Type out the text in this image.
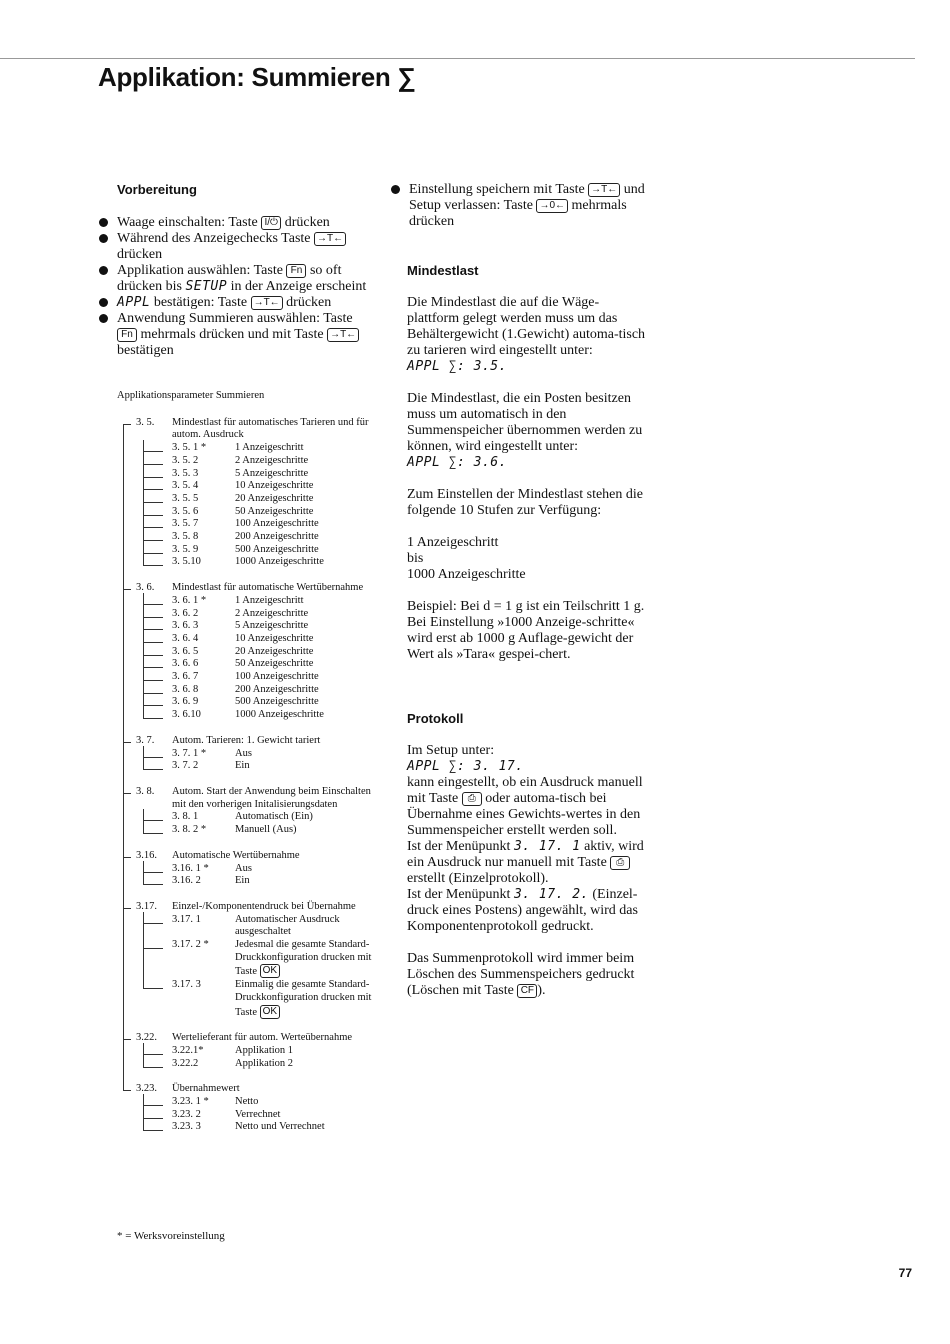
Applikation: Summieren ∑
Vorbereitung
Waage einschalten: Taste I/⏻ drücken
Während des Anzeigechecks Taste →T← drücken
Applikation auswählen: Taste Fn so oft drücken bis SETUP in der Anzeige erscheint
APPL bestätigen: Taste →T← drücken
Anwendung Summieren auswählen: Taste Fn mehrmals drücken und mit Taste →T← bestätigen
Applikationsparameter Summieren
3. 5. Mindestlast für automatisches Tarieren und für autom. Ausdruck
3. 5. 1 *	1 Anzeigeschritt
3. 5. 2	2 Anzeigeschritte
3. 5. 3	5 Anzeigeschritte
3. 5. 4	10 Anzeigeschritte
3. 5. 5	20 Anzeigeschritte
3. 5. 6	50 Anzeigeschritte
3. 5. 7	100 Anzeigeschritte
3. 5. 8	200 Anzeigeschritte
3. 5. 9	500 Anzeigeschritte
3. 5.10	1000 Anzeigeschritte
3. 6. Mindestlast für automatische Wertübernahme
3. 6. 1 *	1 Anzeigeschritt
3. 6. 2	2 Anzeigeschritte
3. 6. 3	5 Anzeigeschritte
3. 6. 4	10 Anzeigeschritte
3. 6. 5	20 Anzeigeschritte
3. 6. 6	50 Anzeigeschritte
3. 6. 7	100 Anzeigeschritte
3. 6. 8	200 Anzeigeschritte
3. 6. 9	500 Anzeigeschritte
3. 6.10	1000 Anzeigeschritte
3. 7. Autom. Tarieren: 1. Gewicht tariert
3. 7. 1 *	Aus
3. 7. 2	Ein
3. 8. Autom. Start der Anwendung beim Einschalten mit den vorherigen Initalisierungsdaten
3. 8. 1	Automatisch (Ein)
3. 8. 2 *	Manuell (Aus)
3.16. Automatische Wertübernahme
3.16. 1 *	Aus
3.16. 2	Ein
3.17. Einzel-/Komponentendruck bei Übernahme
3.17. 1	Automatischer Ausdruck ausgeschaltet
3.17. 2 *	Jedesmal die gesamte Standard-Druckkonfiguration drucken mit Taste OK
3.17. 3	Einmalig die gesamte Standard-Druckkonfiguration drucken mit Taste OK
3.22. Wertelieferant für autom. Werteübernahme
3.22.1*	Applikation 1
3.22.2	Applikation 2
3.23. Übernahmewert
3.23. 1 *	Netto
3.23. 2	Verrechnet
3.23. 3	Netto und Verrechnet
* = Werksvoreinstellung
Einstellung speichern mit Taste →T← und Setup verlassen: Taste →0← mehrmals drücken
Mindestlast
Die Mindestlast die auf die Wäge-plattform gelegt werden muss um das Behältergewicht (1.Gewicht) automa-tisch zu tarieren wird eingestellt unter:
APPL ∑: 3.5.
Die Mindestlast, die ein Posten besitzen muss um automatisch in den Summenspeicher übernommen werden zu können, wird eingestellt unter:
APPL ∑: 3.6.
Zum Einstellen der Mindestlast stehen die folgende 10 Stufen zur Verfügung:
1 Anzeigeschritt
bis
1000 Anzeigeschritte
Beispiel: Bei d = 1 g ist ein Teilschritt 1 g. Bei Einstellung »1000 Anzeige-schritte« wird erst ab 1000 g Auflage-gewicht der Wert als »Tara« gespei-chert.
Protokoll
Im Setup unter:
APPL ∑: 3. 17.
kann eingestellt, ob ein Ausdruck manuell mit Taste ⎙ oder automa-tisch bei Übernahme eines Gewichts-wertes in den Summenspeicher erstellt werden soll.
Ist der Menüpunkt 3. 17. 1 aktiv, wird ein Ausdruck nur manuell mit Taste ⎙ erstellt (Einzelprotokoll).
Ist der Menüpunkt 3. 17. 2. (Einzel-druck eines Postens) angewählt, wird das Komponentenprotokoll gedruckt.
Das Summenprotokoll wird immer beim Löschen des Summenspeichers gedruckt (Löschen mit Taste CF ).
77
